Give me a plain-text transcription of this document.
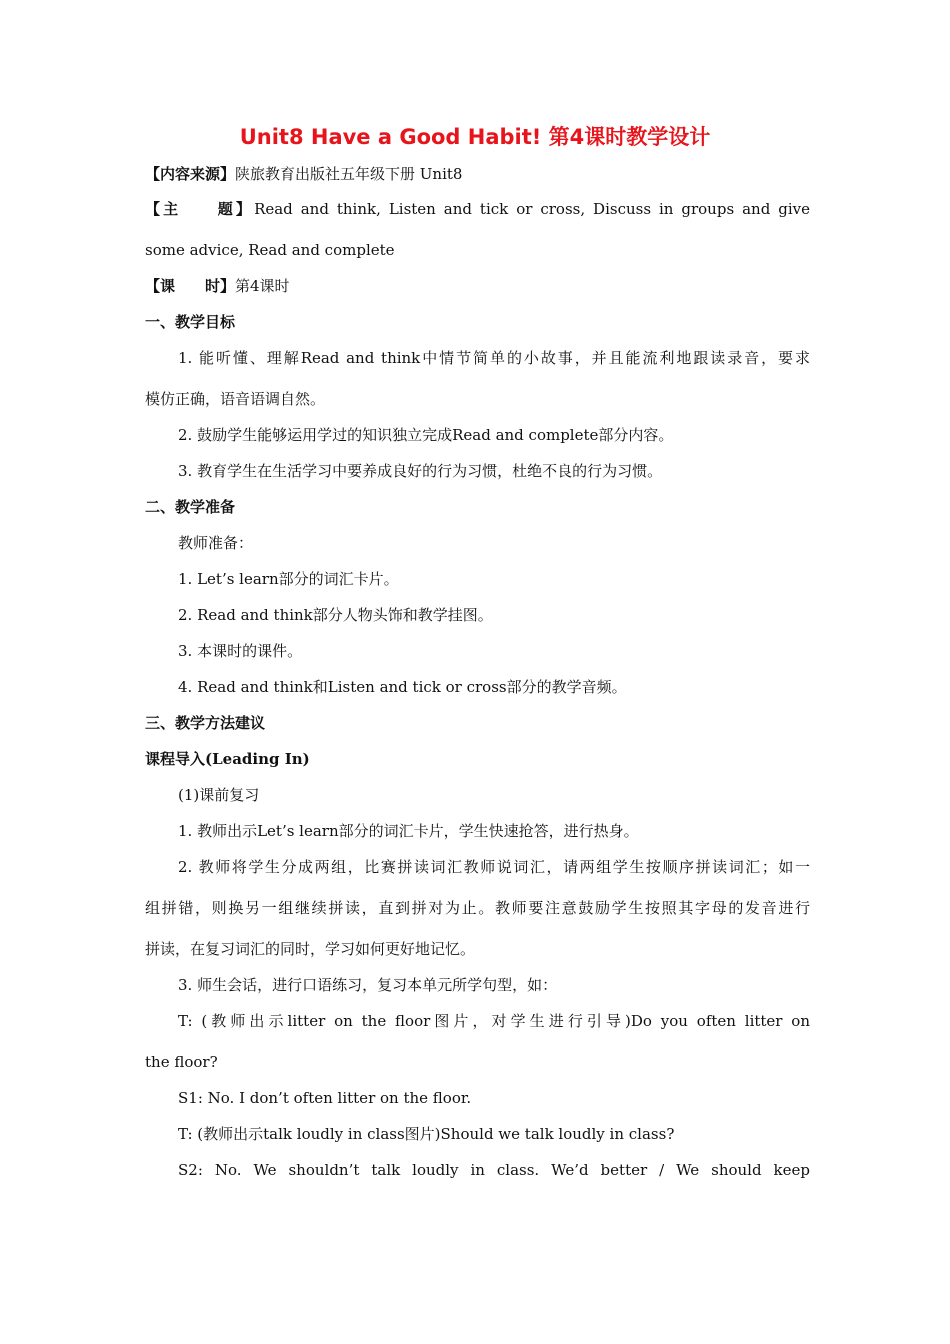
Unit8 Have a Good Habit! 第4课时教学设计
【内容来源】陕旅教育出版社五年级下册 Unit8
【主　　题】Read and think, Listen and tick or cross, Discuss in groups and give
some advice, Read and complete
【课　　时】第4课时
一、教学目标
1. 能听懂、理解Read and think中情节简单的小故事，并且能流利地跟读录音，要求
模仿正确，语音语调自然。
2. 鼓励学生能够运用学过的知识独立完成Read and complete部分内容。
3. 教育学生在生活学习中要养成良好的行为习惯，杜绝不良的行为习惯。
二、教学准备
教师准备：
1. Let’s learn部分的词汇卡片。
2. Read and think部分人物头饰和教学挂图。
3. 本课时的课件。
4. Read and think和Listen and tick or cross部分的教学音频。
三、教学方法建议
课程导入(Leading In)
(1)课前复习
1. 教师出示Let’s learn部分的词汇卡片，学生快速抢答，进行热身。
2. 教师将学生分成两组，比赛拼读词汇教师说词汇，请两组学生按顺序拼读词汇；如一
组拼错，则换另一组继续拼读，直到拼对为止。教师要注意鼓励学生按照其字母的发音进行
拼读，在复习词汇的同时，学习如何更好地记忆。
3. 师生会话，进行口语练习，复习本单元所学句型，如：
T: (教师出示litter on the floor图片，对学生进行引导)Do you often litter on
the floor?
S1: No. I don’t often litter on the floor.
T: (教师出示talk loudly in class图片)Should we talk loudly in class?
S2: No. We shouldn’t talk loudly in class. We’d better / We should keep
